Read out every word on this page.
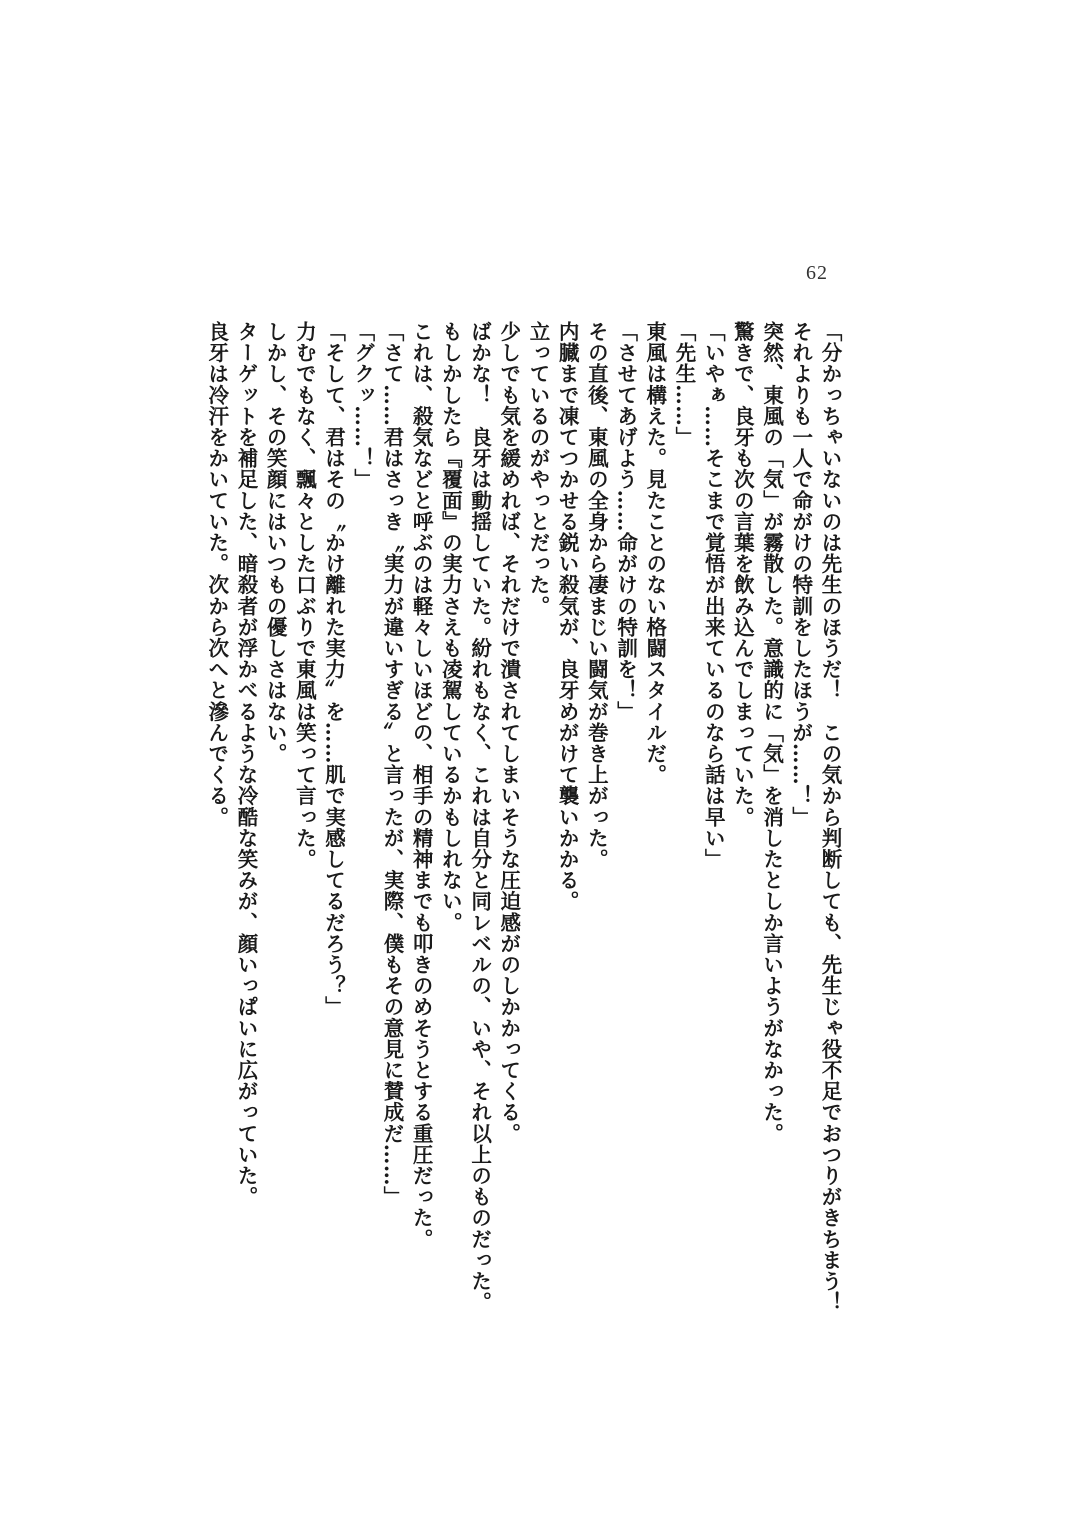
62
「分かっちゃいないのは先生のほうだ！　この気から判断しても、先生じゃ役不足でおつりがきちまう！
それよりも一人で命がけの特訓をしたほうが……！」
突然、東風の「気」が霧散した。意識的に「気」を消したとしか言いようがなかった。
驚きで、良牙も次の言葉を飲み込んでしまっていた。
「いやぁ……そこまで覚悟が出来ているのなら話は早い」
「先生……」
東風は構えた。見たことのない格闘スタイルだ。
「させてあげよう……命がけの特訓を！」
その直後、東風の全身から凄まじい闘気が巻き上がった。
内臓まで凍てつかせる鋭い殺気が、良牙めがけて襲いかかる。
立っているのがやっとだった。
少しでも気を緩めれば、それだけで潰されてしまいそうな圧迫感がのしかかってくる。
ばかな！　良牙は動揺していた。紛れもなく、これは自分と同レベルの、いや、それ以上のものだった。
もしかしたら『覆面』の実力さえも凌駕しているかもしれない。
これは、殺気などと呼ぶのは軽々しいほどの、相手の精神までも叩きのめそうとする重圧だった。
「さて……君はさっき〝実力が違いすぎる〟と言ったが、実際、僕もその意見に賛成だ……」
「グクッ……！」
「そして、君はその〝かけ離れた実力〟を……肌で実感してるだろう？」
力むでもなく、飄々とした口ぶりで東風は笑って言った。
しかし、その笑顔にはいつもの優しさはない。
ターゲットを補足した、暗殺者が浮かべるような冷酷な笑みが、顔いっぱいに広がっていた。
良牙は冷汗をかいていた。次から次へと滲んでくる。
